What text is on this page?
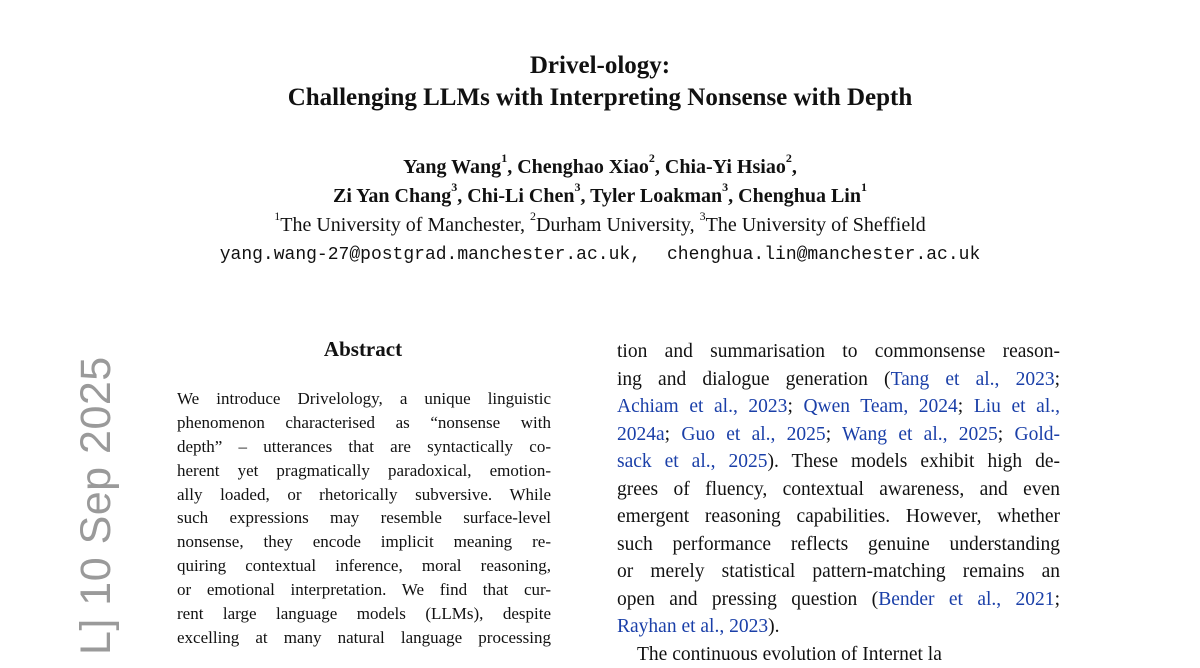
L] 10 Sep 2025
Drivel-ology:
Challenging LLMs with Interpreting Nonsense with Depth
Yang Wang$^1$, Chenghao Xiao$^2$, Chia-Yi Hsiao$^2$,
Zi Yan Chang$^3$, Chi-Li Chen$^3$, Tyler Loakman$^3$, Chenghua Lin$^1$
$^1$The University of Manchester, $^2$Durham University, $^3$The University of Sheffield
yang.wang-27@postgrad.manchester.ac.uk, chenghua.lin@manchester.ac.uk
Abstract
We introduce Drivelology, a unique linguistic
phenomenon characterised as “nonsense with
depth” – utterances that are syntactically co-
herent yet pragmatically paradoxical, emotion-
ally loaded, or rhetorically subversive. While
such expressions may resemble surface-level
nonsense, they encode implicit meaning re-
quiring contextual inference, moral reasoning,
or emotional interpretation. We find that cur-
rent large language models (LLMs), despite
excelling at many natural language processing
tion and summarisation to commonsense reason-
ing and dialogue generation (Tang et al., 2023;
Achiam et al., 2023; Qwen Team, 2024; Liu et al.,
2024a; Guo et al., 2025; Wang et al., 2025; Gold-
sack et al., 2025). These models exhibit high de-
grees of fluency, contextual awareness, and even
emergent reasoning capabilities. However, whether
such performance reflects genuine understanding
or merely statistical pattern-matching remains an
open and pressing question (Bender et al., 2021;
Rayhan et al., 2023).
The continuous evolution of Internet la
